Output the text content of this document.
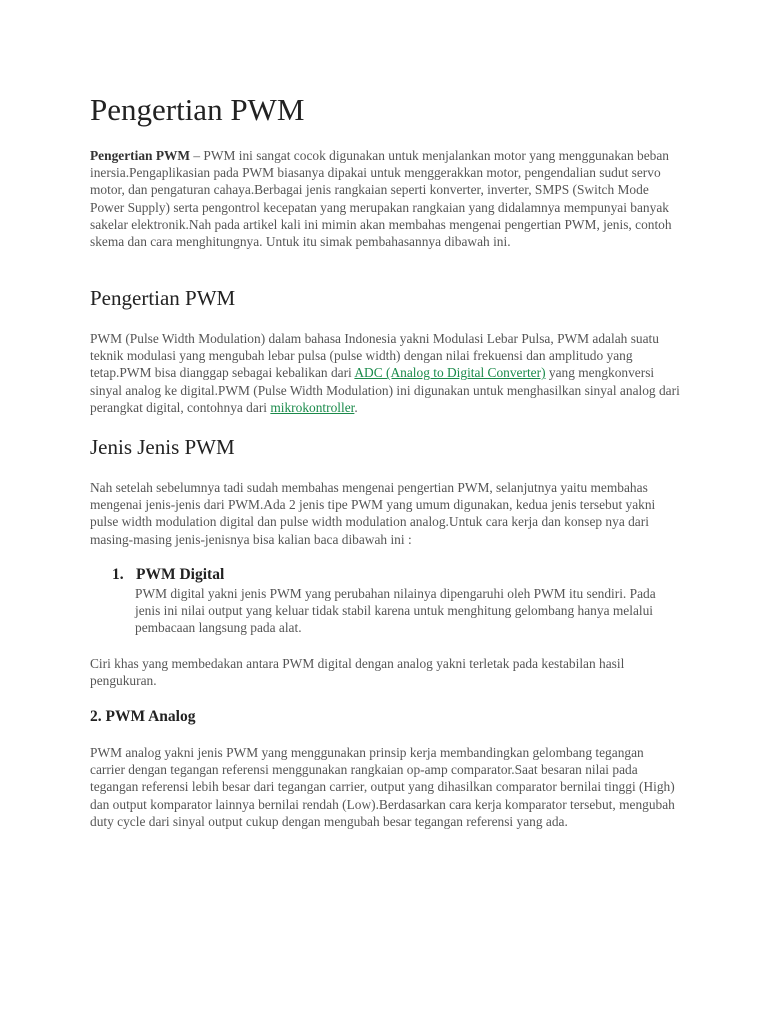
Pengertian PWM

Pengertian PWM – PWM ini sangat cocok digunakan untuk menjalankan motor yang menggunakan beban inersia.Pengaplikasian pada PWM biasanya dipakai untuk menggerakkan motor, pengendalian sudut servo motor, dan pengaturan cahaya.Berbagai jenis rangkaian seperti konverter, inverter, SMPS (Switch Mode Power Supply) serta pengontrol kecepatan yang merupakan rangkaian yang didalamnya mempunyai banyak sakelar elektronik.Nah pada artikel kali ini mimin akan membahas mengenai pengertian PWM, jenis, contoh skema dan cara menghitungnya. Untuk itu simak pembahasannya dibawah ini.

Pengertian PWM

PWM (Pulse Width Modulation) dalam bahasa Indonesia yakni Modulasi Lebar Pulsa, PWM adalah suatu teknik modulasi yang mengubah lebar pulsa (pulse width) dengan nilai frekuensi dan amplitudo yang tetap.PWM bisa dianggap sebagai kebalikan dari ADC (Analog to Digital Converter) yang mengkonversi sinyal analog ke digital.PWM (Pulse Width Modulation) ini digunakan untuk menghasilkan sinyal analog dari perangkat digital, contohnya dari mikrokontroller.

Jenis Jenis PWM

Nah setelah sebelumnya tadi sudah membahas mengenai pengertian PWM, selanjutnya yaitu membahas mengenai jenis-jenis dari PWM.Ada 2 jenis tipe PWM yang umum digunakan, kedua jenis tersebut yakni pulse width modulation digital dan pulse width modulation analog.Untuk cara kerja dan konsep nya dari masing-masing jenis-jenisnya bisa kalian baca dibawah ini :

1. PWM Digital

PWM digital yakni jenis PWM yang perubahan nilainya dipengaruhi oleh PWM itu sendiri. Pada jenis ini nilai output yang keluar tidak stabil karena untuk menghitung gelombang hanya melalui pembacaan langsung pada alat.

Ciri khas yang membedakan antara PWM digital dengan analog yakni terletak pada kestabilan hasil pengukuran.

2. PWM Analog

PWM analog yakni jenis PWM yang menggunakan prinsip kerja membandingkan gelombang tegangan carrier dengan tegangan referensi menggunakan rangkaian op-amp comparator.Saat besaran nilai pada tegangan referensi lebih besar dari tegangan carrier, output yang dihasilkan comparator bernilai tinggi (High) dan output komparator lainnya bernilai rendah (Low).Berdasarkan cara kerja komparator tersebut, mengubah duty cycle dari sinyal output cukup dengan mengubah besar tegangan referensi yang ada.
